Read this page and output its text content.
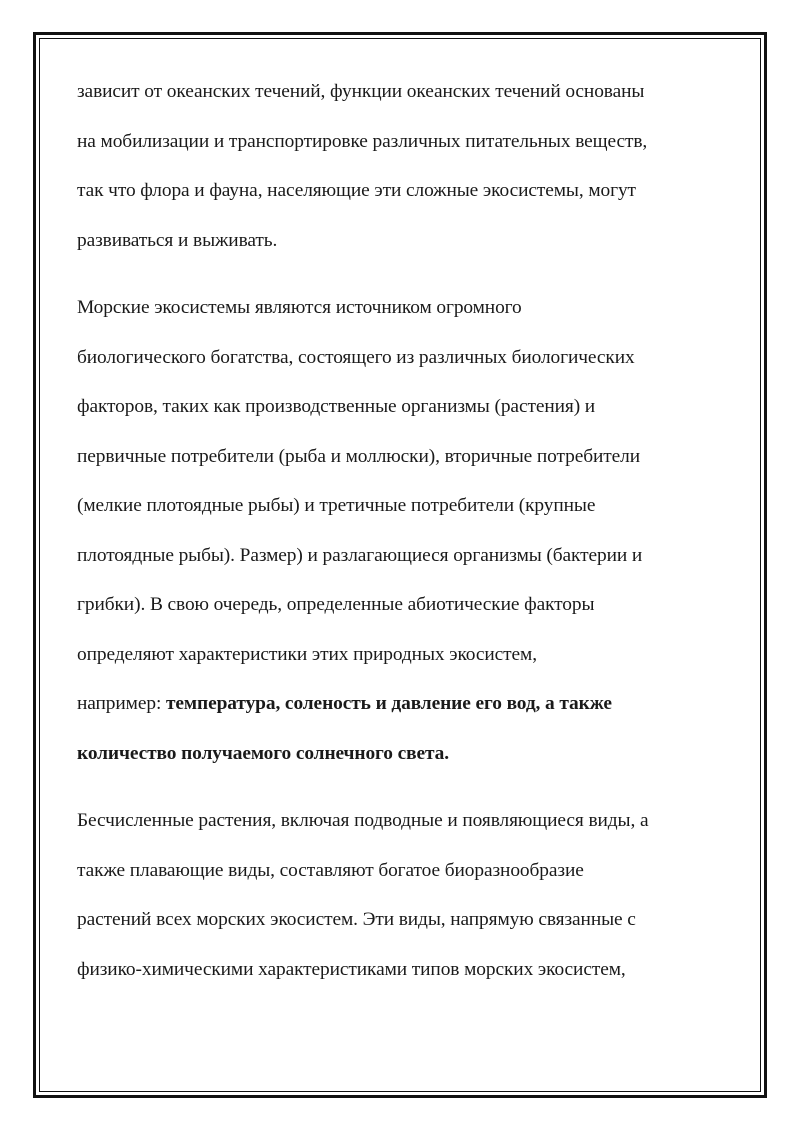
зависит от океанских течений, функции океанских течений основаны
на мобилизации и транспортировке различных питательных веществ,
так что флора и фауна, населяющие эти сложные экосистемы, могут
развиваться и выживать.

Морские экосистемы являются источником огромного
биологического богатства, состоящего из различных биологических
факторов, таких как производственные организмы (растения) и
первичные потребители (рыба и моллюски), вторичные потребители
(мелкие плотоядные рыбы) и третичные потребители (крупные
плотоядные рыбы). Размер) и разлагающиеся организмы (бактерии и
грибки). В свою очередь, определенные абиотические факторы
определяют характеристики этих природных экосистем,
например: температура, соленость и давление его вод, а также
количество получаемого солнечного света.

Бесчисленные растения, включая подводные и появляющиеся виды, а
также плавающие виды, составляют богатое биоразнообразие
растений всех морских экосистем. Эти виды, напрямую связанные с
физико-химическими характеристиками типов морских экосистем,
